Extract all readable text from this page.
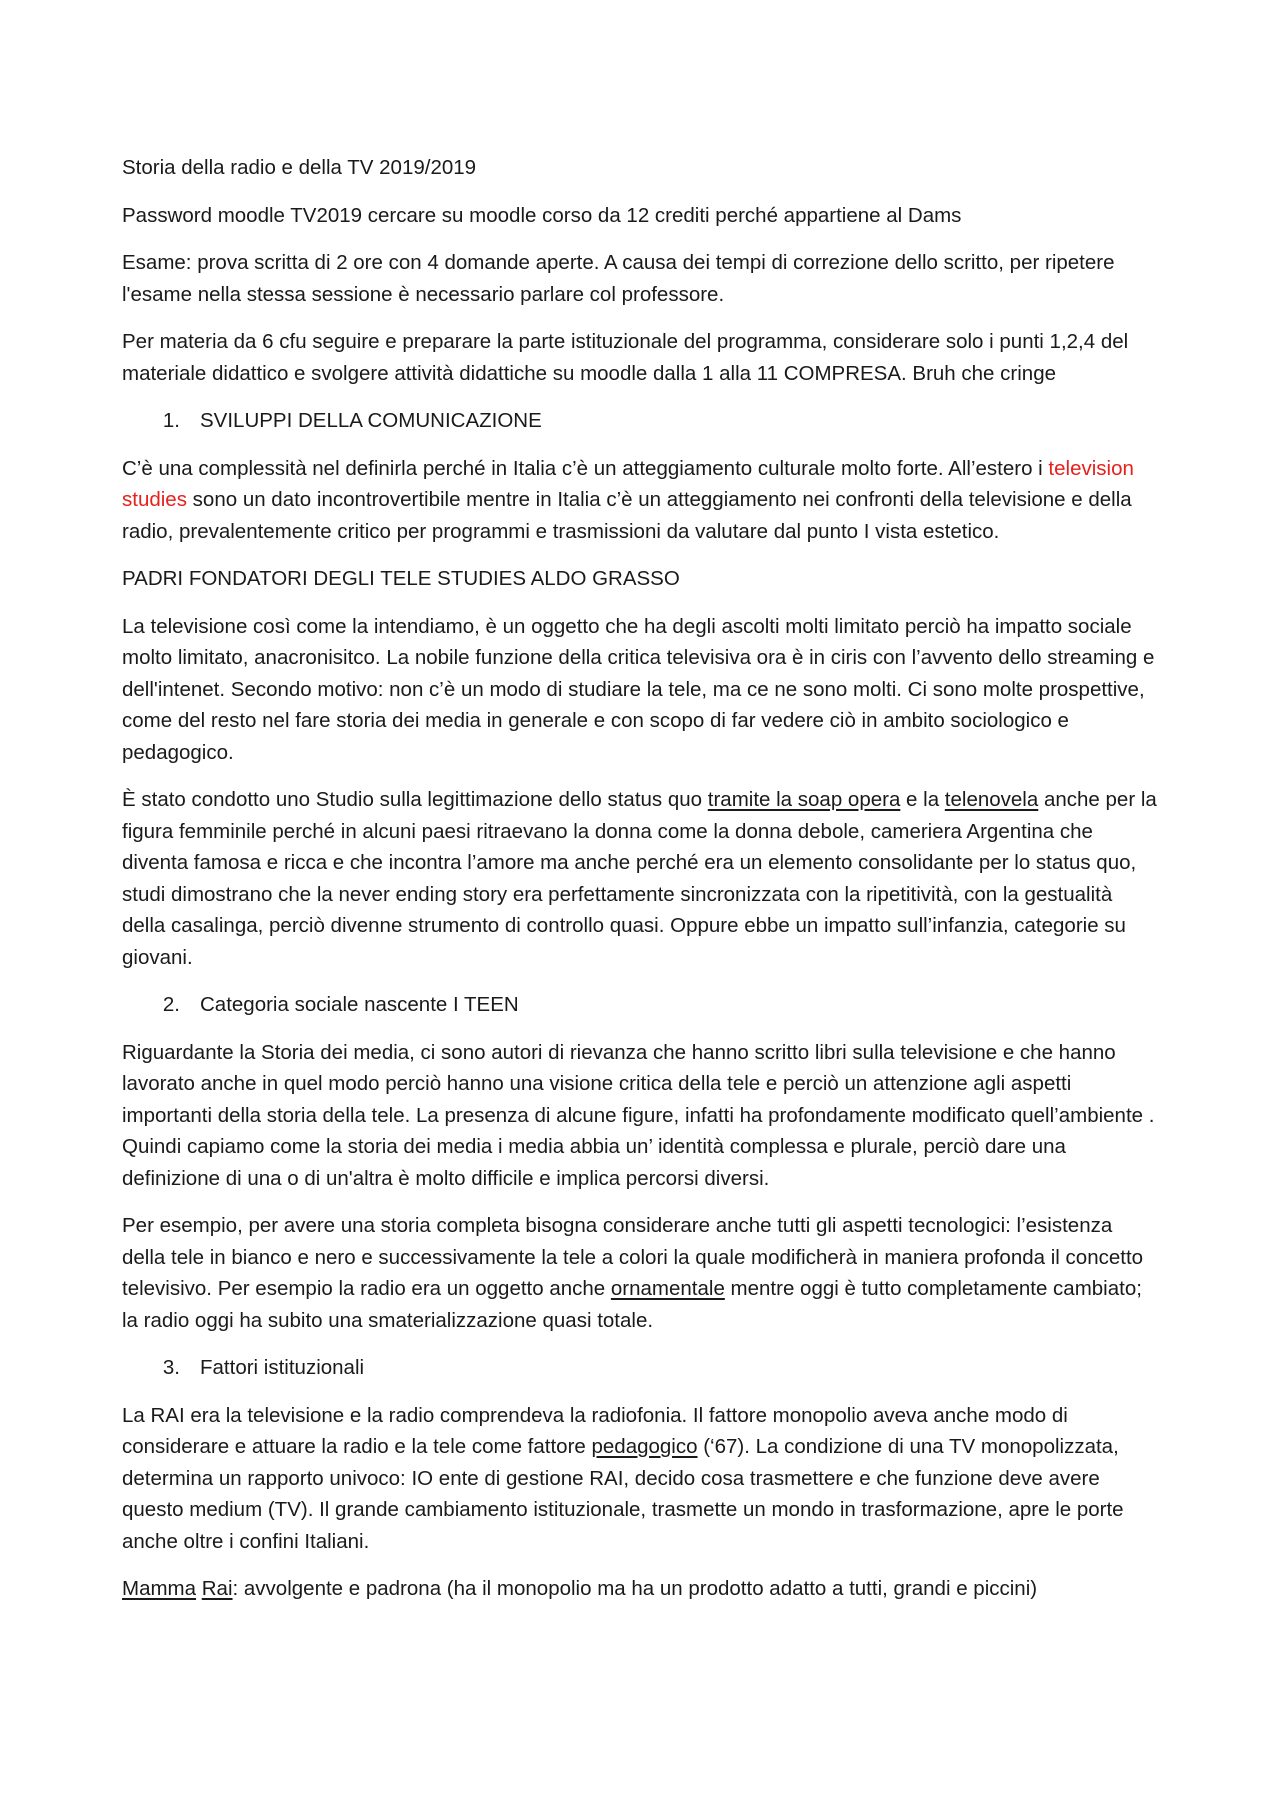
Storia della radio e della TV 2019/2019

Password moodle TV2019 cercare su moodle corso da 12 crediti perché appartiene al Dams

Esame: prova scritta di 2 ore con 4 domande aperte. A causa dei tempi di correzione dello scritto, per ripetere l'esame nella stessa sessione è necessario parlare col professore.

Per materia da 6 cfu seguire e preparare la parte istituzionale del programma, considerare solo i punti 1,2,4 del materiale didattico e svolgere attività didattiche su moodle dalla 1 alla 11 COMPRESA. Bruh che cringe

1. SVILUPPI DELLA COMUNICAZIONE

C’è una complessità nel definirla perché in Italia c’è un atteggiamento culturale molto forte. All’estero i television studies sono un dato incontrovertibile mentre in Italia c’è un atteggiamento nei confronti della televisione e della radio, prevalentemente critico per programmi e trasmissioni da valutare dal punto I vista estetico.

PADRI FONDATORI DEGLI TELE STUDIES ALDO GRASSO

La televisione così come la intendiamo, è un oggetto che ha degli ascolti molti limitato perciò ha impatto sociale molto limitato, anacronisitco. La nobile funzione della critica televisiva ora è in ciris con l’avvento dello streaming e dell'intenet. Secondo motivo: non c’è un modo di studiare la tele, ma ce ne sono molti. Ci sono molte prospettive, come del resto nel fare storia dei media in generale e con scopo di far vedere ciò in ambito sociologico e pedagogico.

È stato condotto uno Studio sulla legittimazione dello status quo tramite la soap opera e la telenovela anche per la figura femminile perché in alcuni paesi ritraevano la donna come la donna debole, cameriera Argentina che diventa famosa e ricca e che incontra l’amore ma anche perché era un elemento consolidante per lo status quo, studi dimostrano che la never ending story era perfettamente sincronizzata con la ripetitività, con la gestualità della casalinga, perciò divenne strumento di controllo quasi. Oppure ebbe un impatto sull’infanzia, categorie su giovani.

2. Categoria sociale nascente I TEEN

Riguardante la Storia dei media, ci sono autori di rievanza che hanno scritto libri sulla televisione e che hanno lavorato anche in quel modo perciò hanno una visione critica della tele e perciò un attenzione agli aspetti importanti della storia della tele. La presenza di alcune figure, infatti ha profondamente modificato quell’ambiente .
Quindi capiamo come la storia dei media i media abbia un’ identità complessa e plurale, perciò dare una definizione di una o di un'altra è molto difficile e implica percorsi diversi.

Per esempio, per avere una storia completa bisogna considerare anche tutti gli aspetti tecnologici: l’esistenza della tele in bianco e nero e successivamente la tele a colori la quale modificherà in maniera profonda il concetto televisivo. Per esempio la radio era un oggetto anche ornamentale mentre oggi è tutto completamente cambiato; la radio oggi ha subito una smaterializzazione quasi totale.

3. Fattori istituzionali

La RAI era la televisione e la radio comprendeva la radiofonia. Il fattore monopolio aveva anche modo di considerare e attuare la radio e la tele come fattore pedagogico (‘67). La condizione di una TV monopolizzata, determina un rapporto univoco: IO ente di gestione RAI, decido cosa trasmettere e che funzione deve avere questo medium (TV). Il grande cambiamento istituzionale, trasmette un mondo in trasformazione, apre le porte anche oltre i confini Italiani.

Mamma Rai: avvolgente e padrona (ha il monopolio ma ha un prodotto adatto a tutti, grandi e piccini)
